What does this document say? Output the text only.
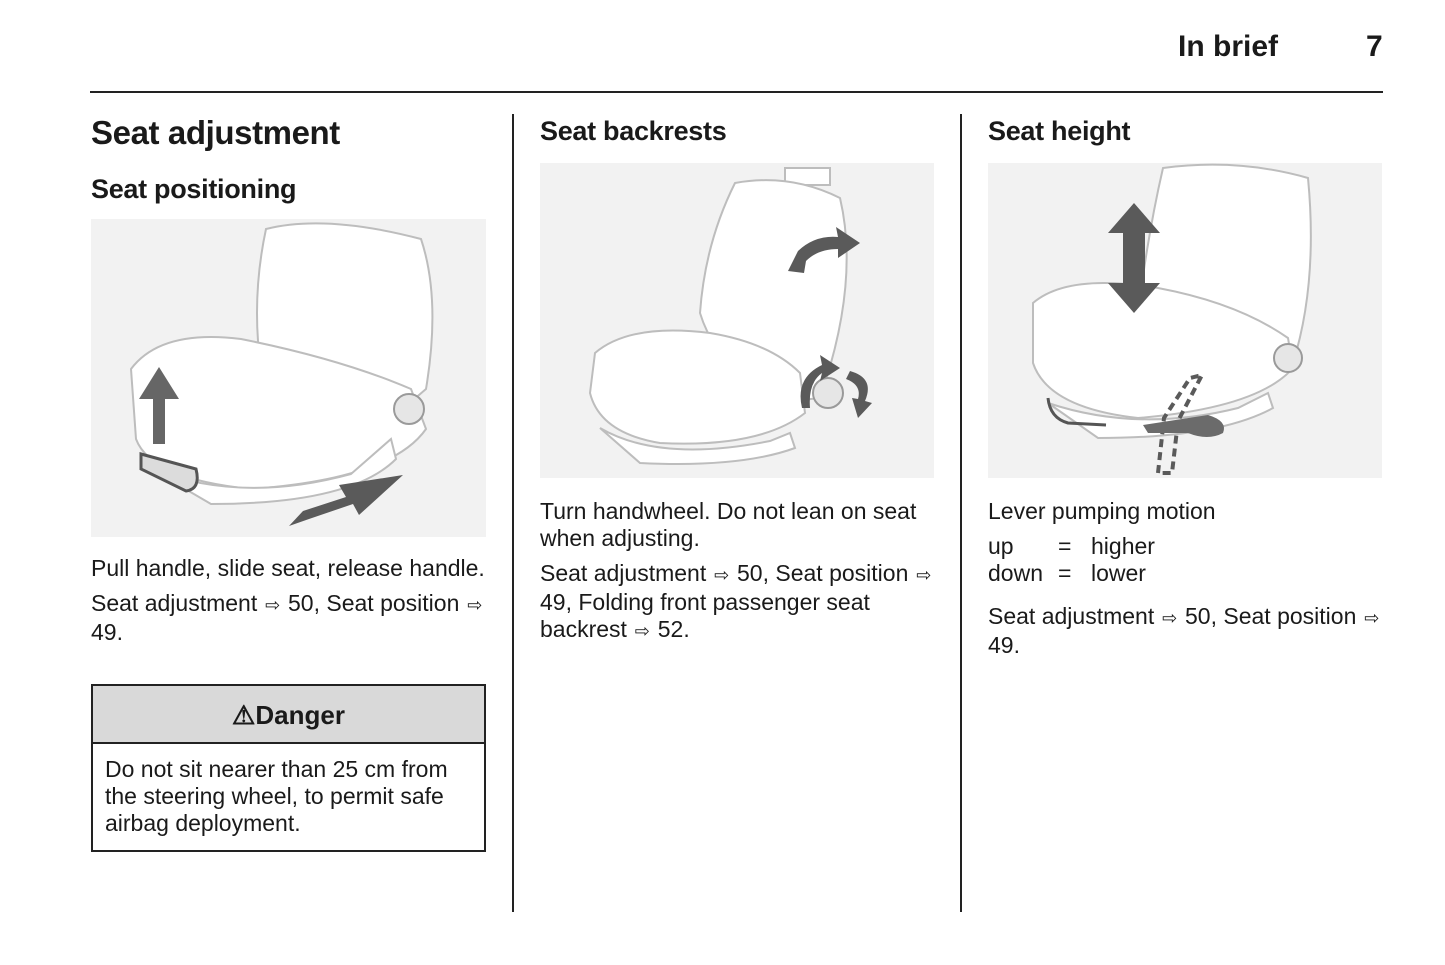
In brief	7
Seat adjustment
Seat positioning

Pull handle, slide seat, release handle.

Seat adjustment ⇨ 50, Seat position ⇨ 49.

⚠Danger
Do not sit nearer than 25 cm from the steering wheel, to permit safe airbag deployment.
Seat backrests

Turn handwheel. Do not lean on seat when adjusting.

Seat adjustment ⇨ 50, Seat position ⇨ 49, Folding front passenger seat backrest ⇨ 52.

Seat height

Lever pumping motion

up	=	higher
down	=	lower

Seat adjustment ⇨ 50, Seat position ⇨ 49.
